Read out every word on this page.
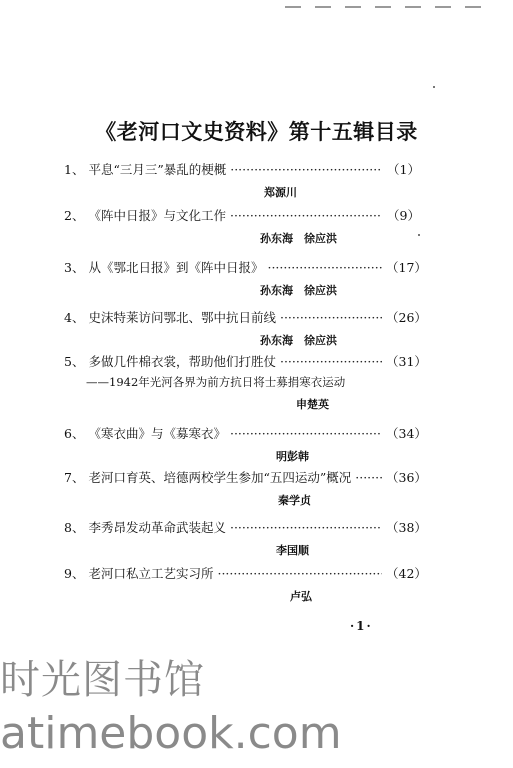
《老河口文史资料》第十五辑目录
1、 平息“三月三”暴乱的梗概 ·····	（1）
郑源川
2、 《阵中日报》与文化工作 ·····	（9）
孙东海　徐应洪
3、 从《鄂北日报》到《阵中日报》 ·····	（17）
孙东海　徐应洪
4、 史沫特莱访问鄂北、鄂中抗日前线 ·····	（26）
孙东海　徐应洪
5、 多做几件棉衣裳，帮助他们打胜仗 ·····	（31）
——1942年光河各界为前方抗日将士募捐寒衣运动
申楚英
6、 《寒衣曲》与《募寒衣》 ·····	（34）
明彭韩
7、 老河口育英、培德两校学生参加“五四运动”概况 ·····	（36）
秦学贞
8、 李秀昂发动革命武装起义 ·····	（38）
李国顺
9、 老河口私立工艺实习所 ·····	（42）
卢弘
·1·
时光图书馆
atimebook.com
